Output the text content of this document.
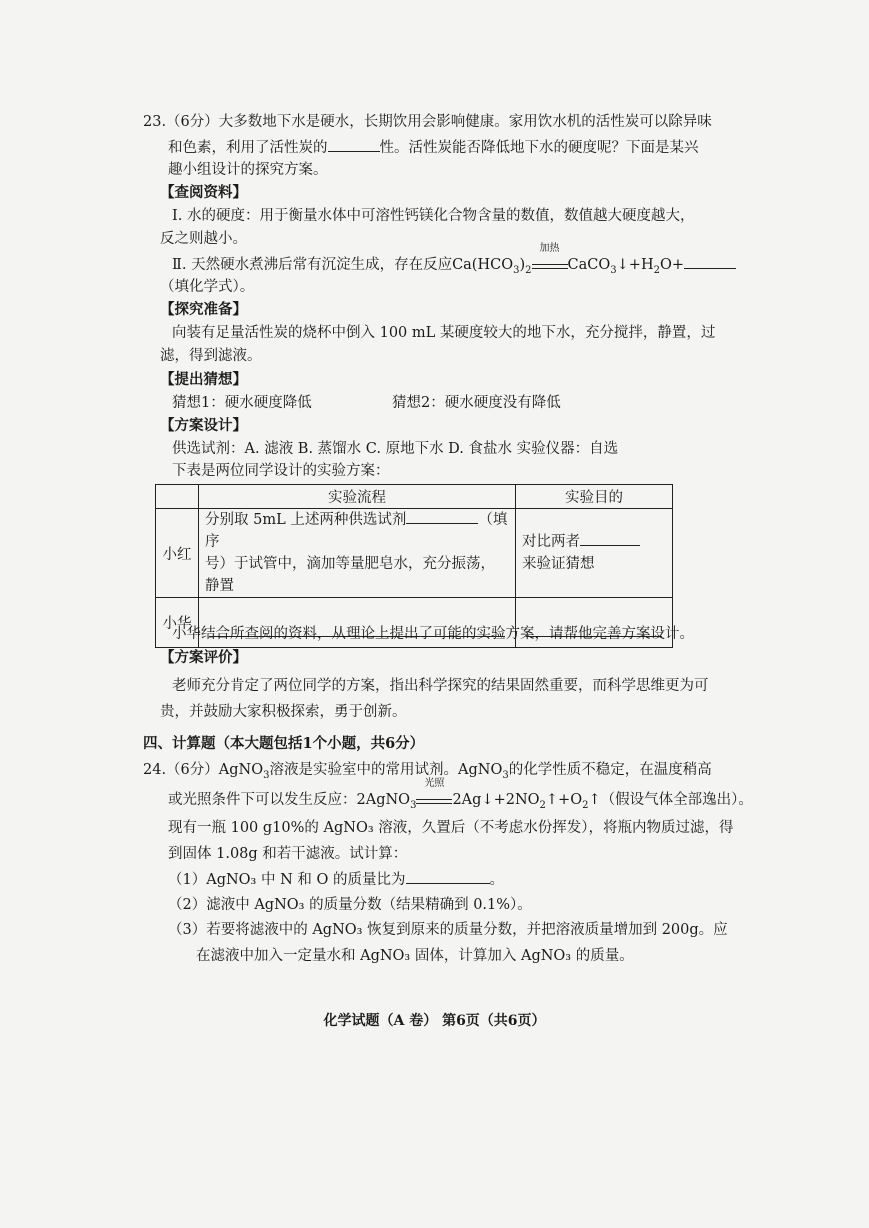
23.（6分）大多数地下水是硬水，长期饮用会影响健康。家用饮水机的活性炭可以除异味
和色素，利用了活性炭的	性。活性炭能否降低地下水的硬度呢？下面是某兴
趣小组设计的探究方案。
【查阅资料】
Ⅰ. 水的硬度：用于衡量水体中可溶性钙镁化合物含量的数值，数值越大硬度越大，
反之则越小。
Ⅱ. 天然硬水煮沸后常有沉淀生成，存在反应$Ca(HCO_3)_2$
加热
$CaCO_3↓+H_2O+$
（填化学式）。
【探究准备】
向装有足量活性炭的烧杯中倒入 100 mL 某硬度较大的地下水，充分搅拌，静置，过
滤，得到滤液。
【提出猜想】
猜想1：硬水硬度降低	猜想2：硬水硬度没有降低
【方案设计】
供选试剂：A. 滤液 B. 蒸馏水 C. 原地下水 D. 食盐水 实验仪器：自选
下表是两位同学设计的实验方案：
	实验流程	实验目的
小红	分别取 5mL 上述两种供选试剂 （填序
号）于试管中，滴加等量肥皂水，充分振荡，静置	对比两者
来验证猜想
小华	

小华结合所查阅的资料，从理论上提出了可能的实验方案，请帮他完善方案设计。
【方案评价】
老师充分肯定了两位同学的方案，指出科学探究的结果固然重要，而科学思维更为可
贵，并鼓励大家积极探索，勇于创新。
四、计算题（本大题包括1个小题，共6分）
24.（6分）AgNO$_3$溶液是实验室中的常用试剂。AgNO$_3$的化学性质不稳定，在温度稍高
或光照条件下可以发生反应：2AgNO$_3$
光照
$2Ag↓+2NO_2↑+O_2↑$（假设气体全部逸出）。
现有一瓶 100 g10%的 AgNO₃ 溶液，久置后（不考虑水份挥发），将瓶内物质过滤，得
到固体 1.08g 和若干滤液。试计算：
（1）AgNO₃ 中 N 和 O 的质量比为	。
（2）滤液中 AgNO₃ 的质量分数（结果精确到 0.1%）。
（3）若要将滤液中的 AgNO₃ 恢复到原来的质量分数，并把溶液质量增加到 200g。应
在滤液中加入一定量水和 AgNO₃ 固体，计算加入 AgNO₃ 的质量。
化学试题（A 卷） 第6页（共6页）
